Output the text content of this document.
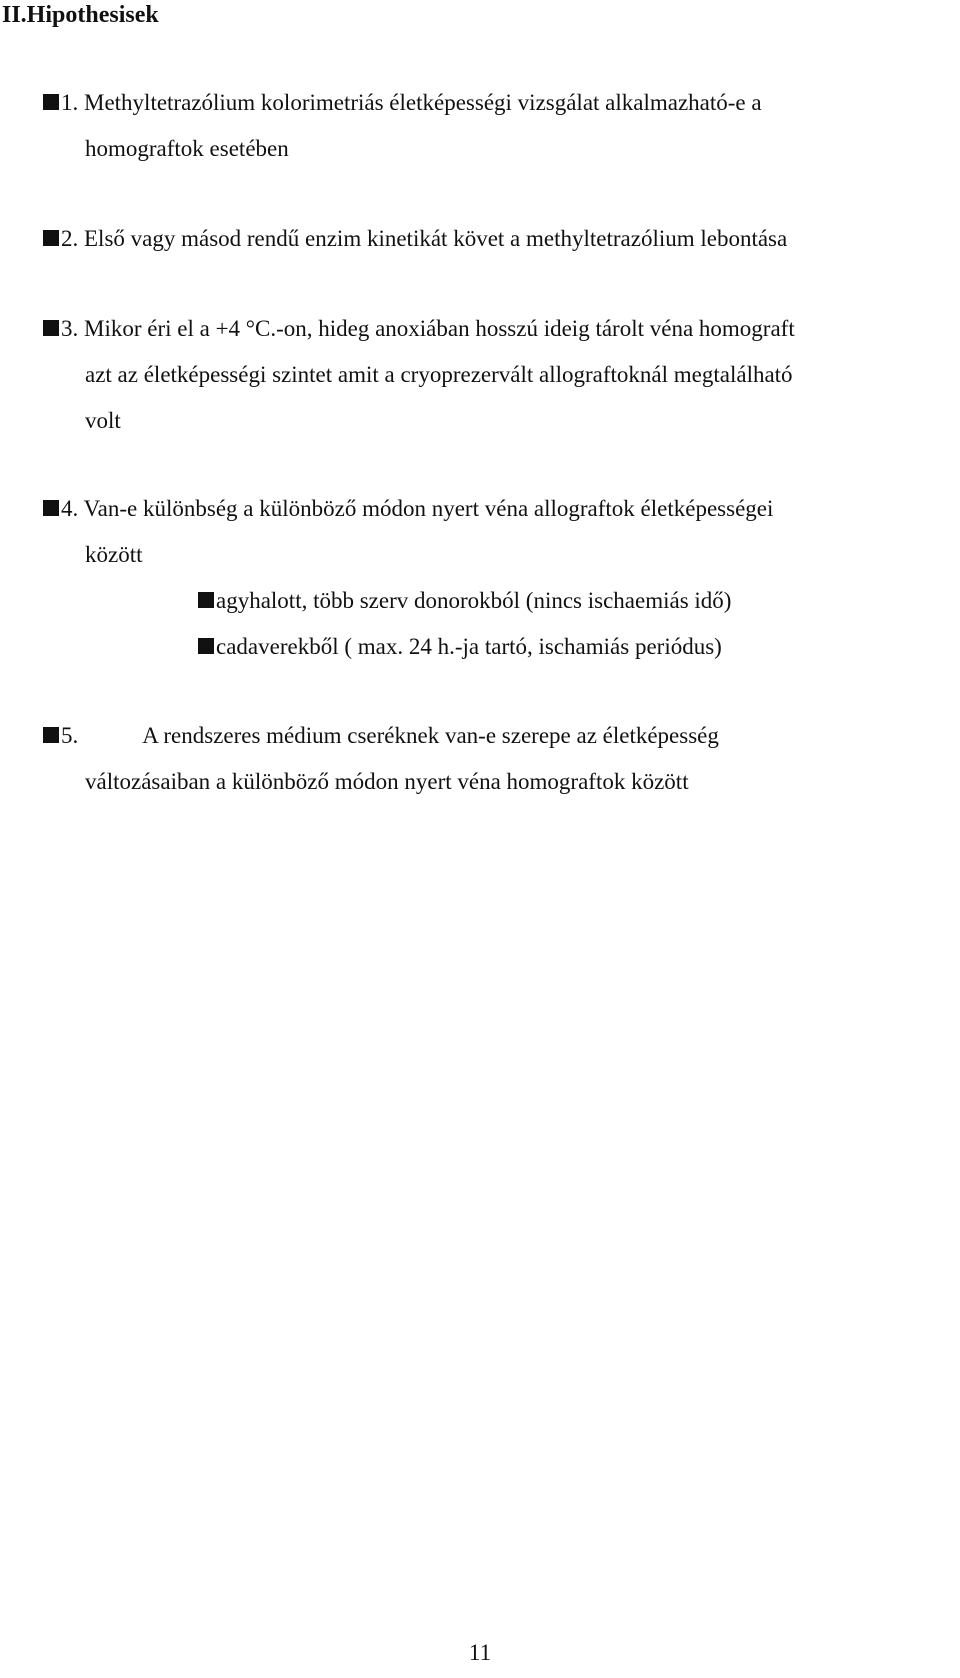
II.Hipothesisek

1. Methyltetrazólium kolorimetriás életképességi vizsgálat alkalmazható-e a

homograftok esetében

2. Első vagy másod rendű enzim kinetikát követ a methyltetrazólium lebontása

3. Mikor éri el a +4 °C.-on, hideg anoxiában hosszú ideig tárolt véna homograft

azt az életképességi szintet amit a cryoprezervált allograftoknál megtalálható

volt

4. Van-e különbség a különböző módon nyert véna allograftok életképességei

között

agyhalott, több szerv donorokból (nincs ischaemiás idő)

cadaverekből ( max. 24 h.-ja tartó, ischamiás periódus)

5.	A rendszeres médium cseréknek van-e szerepe az életképesség

változásaiban a különböző módon nyert véna homograftok között

11
